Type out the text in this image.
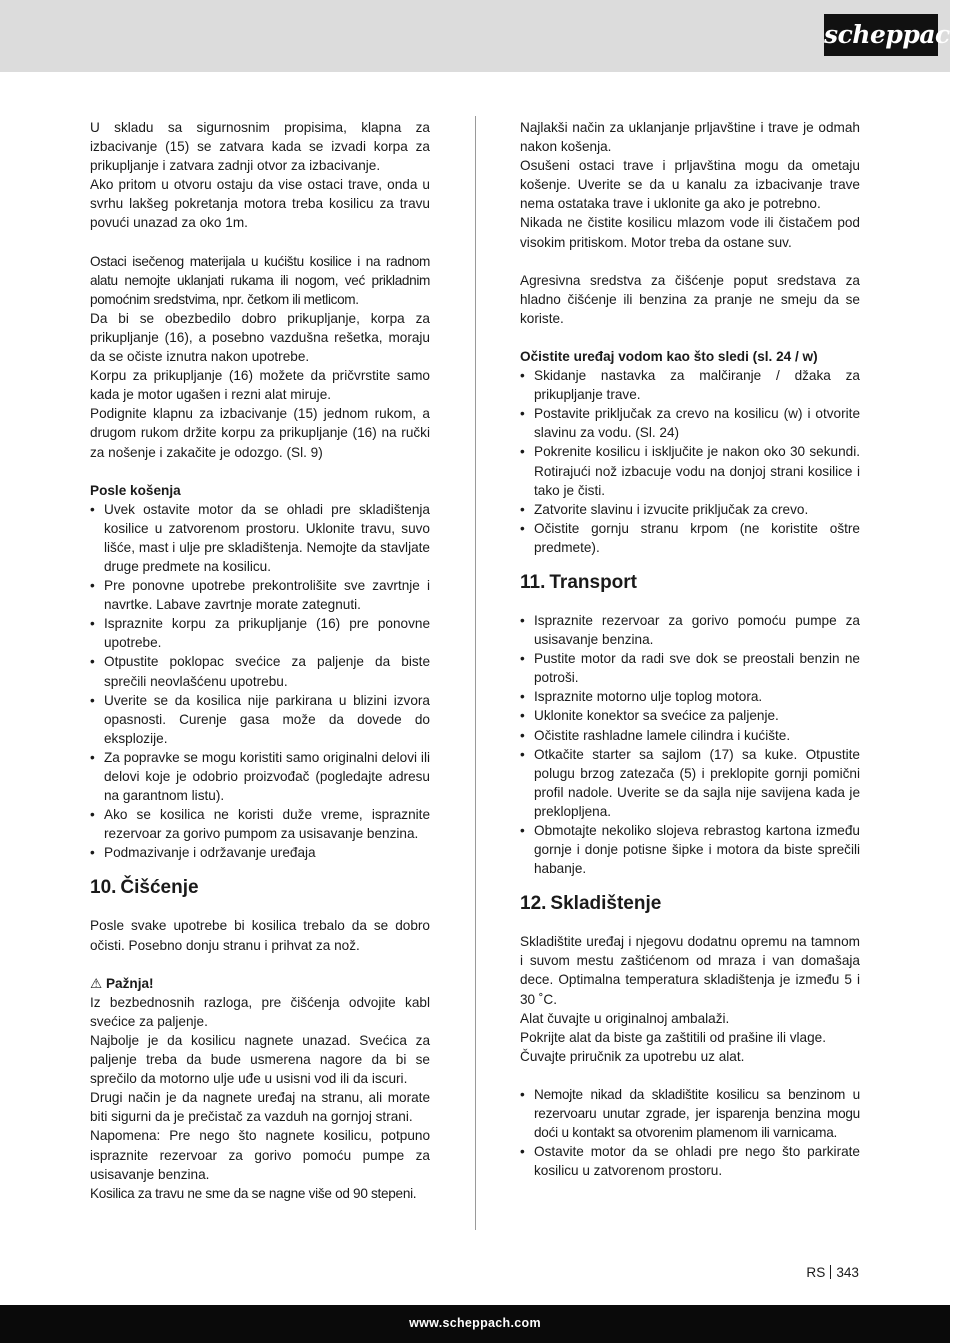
scheppach

U skladu sa sigurnosnim propisima, klapna za izbacivanje (15) se zatvara kada se izvadi korpa za prikupljanje i zatvara zadnji otvor za izbacivanje.

Ako pritom u otvoru ostaju da vise ostaci trave, onda u svrhu lakšeg pokretanja motora treba kosilicu za travu povući unazad za oko 1m.

Ostaci isečenog materijala u kućištu kosilice i na radnom alatu nemojte uklanjati rukama ili nogom, već prikladnim pomoćnim sredstvima, npr. četkom ili metlicom.

Da bi se obezbedilo dobro prikupljanje, korpa za prikupljanje (16), a posebno vazdušna rešetka, moraju da se očiste iznutra nakon upotrebe.

Korpu za prikupljanje (16) možete da pričvrstite samo kada je motor ugašen i rezni alat miruje.

Podignite klapnu za izbacivanje (15) jednom rukom, a drugom rukom držite korpu za prikupljanje (16) na ručki za nošenje i zakačite je odozgo. (Sl. 9)

Posle košenja

• Uvek ostavite motor da se ohladi pre skladištenja kosilice u zatvorenom prostoru. Uklonite travu, suvo lišće, mast i ulje pre skladištenja. Nemojte da stavljate druge predmete na kosilicu.
• Pre ponovne upotrebe prekontrolišite sve zavrtnje i navrtke. Labave zavrtnje morate zategnuti.
• Ispraznite korpu za prikupljanje (16) pre ponovne upotrebe.
• Otpustite poklopac svećice za paljenje da biste sprečili neovlašćenu upotrebu.
• Uverite se da kosilica nije parkirana u blizini izvora opasnosti. Curenje gasa može da dovede do eksplozije.
• Za popravke se mogu koristiti samo originalni delovi ili delovi koje je odobrio proizvođač (pogledajte adresu na garantnom listu).
• Ako se kosilica ne koristi duže vreme, ispraznite rezervoar za gorivo pumpom za usisavanje benzina.
• Podmazivanje i održavanje uređaja
10. Čišćenje

Posle svake upotrebe bi kosilica trebalo da se dobro očisti. Posebno donju stranu i prihvat za nož.

⚠ Pažnja!

Iz bezbednosnih razloga, pre čišćenja odvojite kabl svećice za paljenje.

Najbolje je da kosilicu nagnete unazad. Svećica za paljenje treba da bude usmerena nagore da bi se sprečilo da motorno ulje uđe u usisni vod ili da iscuri.

Drugi način je da nagnete uređaj na stranu, ali morate biti sigurni da je prečistač za vazduh na gornjoj strani.

Napomena: Pre nego što nagnete kosilicu, potpuno ispraznite rezervoar za gorivo pomoću pumpe za usisavanje benzina.

Kosilica za travu ne sme da se nagne više od 90 stepeni.

Najlakši način za uklanjanje prljavštine i trave je odmah nakon košenja.

Osušeni ostaci trave i prljavština mogu da ometaju košenje. Uverite se da u kanalu za izbacivanje trave nema ostataka trave i uklonite ga ako je potrebno.

Nikada ne čistite kosilicu mlazom vode ili čistačem pod visokim pritiskom. Motor treba da ostane suv.

Agresivna sredstva za čišćenje poput sredstava za hladno čišćenje ili benzina za pranje ne smeju da se koriste.

Očistite uređaj vodom kao što sledi (sl. 24 / w)

• Skidanje nastavka za malčiranje / džaka za prikupljanje trave.
• Postavite priključak za crevo na kosilicu (w) i otvorite slavinu za vodu. (Sl. 24)
• Pokrenite kosilicu i isključite je nakon oko 30 sekundi. Rotirajući nož izbacuje vodu na donjoj strani kosilice i tako je čisti.
• Zatvorite slavinu i izvucite priključak za crevo.
• Očistite gornju stranu krpom (ne koristite oštre predmete).
11. Transport
• Ispraznite rezervoar za gorivo pomoću pumpe za usisavanje benzina.
• Pustite motor da radi sve dok se preostali benzin ne potroši.
• Ispraznite motorno ulje toplog motora.
• Uklonite konektor sa svećice za paljenje.
• Očistite rashladne lamele cilindra i kućište.
• Otkačite starter sa sajlom (17) sa kuke. Otpustite polugu brzog zatezača (5) i preklopite gornji pomični profil nadole. Uverite se da sajla nije savijena kada je preklopljena.
• Obmotajte nekoliko slojeva rebrastog kartona između gornje i donje potisne šipke i motora da biste sprečili habanje.
12. Skladištenje

Skladištite uređaj i njegovu dodatnu opremu na tamnom i suvom mestu zaštićenom od mraza i van domašaja dece. Optimalna temperatura skladištenja je između 5 i 30 ˚C.

Alat čuvajte u originalnoj ambalaži.

Pokrijte alat da biste ga zaštitili od prašine ili vlage.

Čuvajte priručnik za upotrebu uz alat.

• Nemojte nikad da skladištite kosilicu sa benzinom u rezervoaru unutar zgrade, jer isparenja benzina mogu doći u kontakt sa otvorenim plamenom ili varnicama.
• Ostavite motor da se ohladi pre nego što parkirate kosilicu u zatvorenom prostoru.
RS 343
www.scheppach.com
